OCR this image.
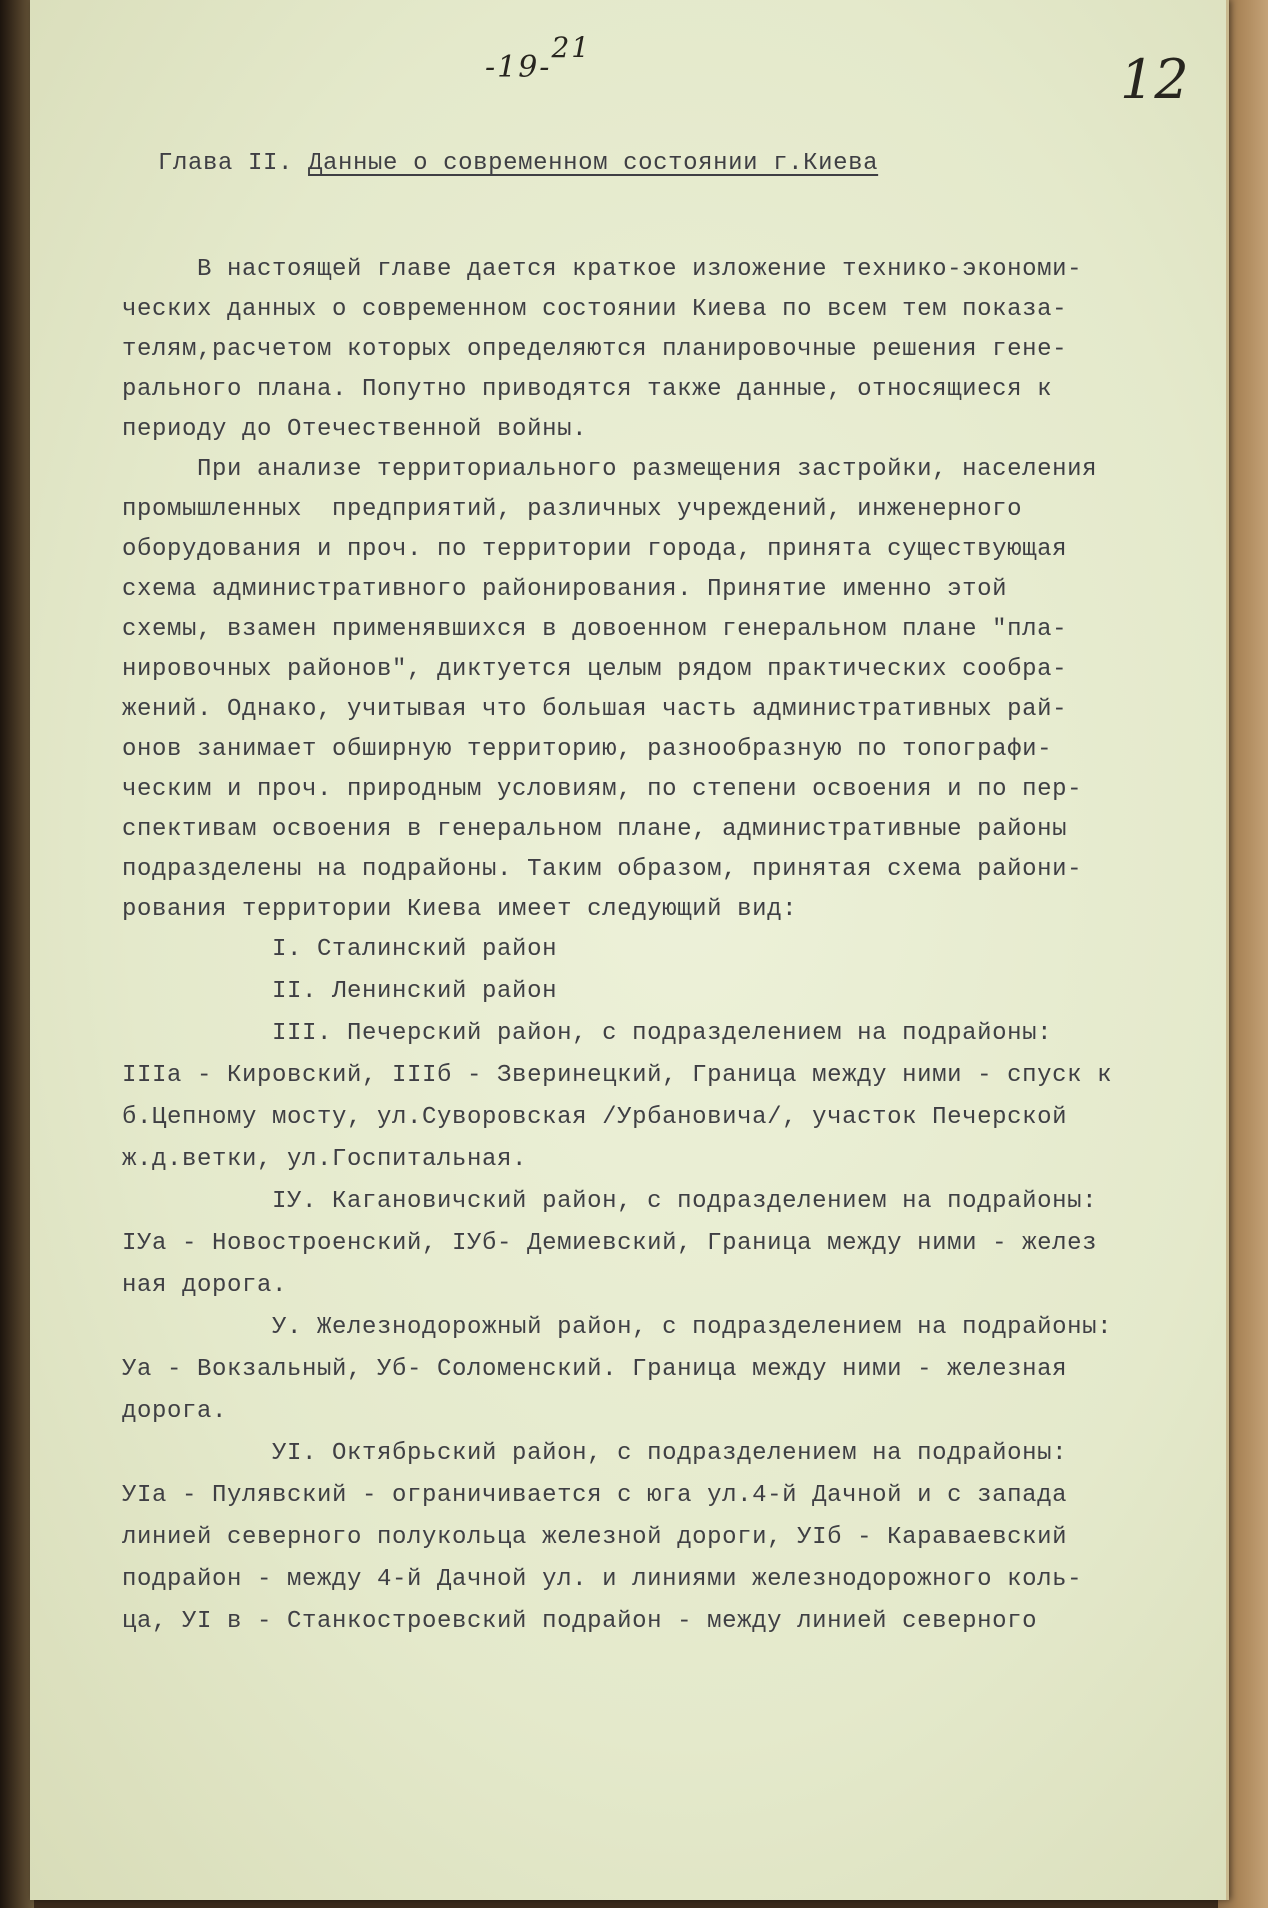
-19-21
12

Глава II. Данные о современном состоянии г.Киева

В настоящей главе дается краткое изложение технико-экономи-

ческих данных о современном состоянии Киева по всем тем показа-

телям,расчетом которых определяются планировочные решения гене-

рального плана. Попутно приводятся также данные, относящиеся к

периоду до Отечественной войны.

При анализе территориального размещения застройки, населения

промышленных  предприятий, различных учреждений, инженерного

оборудования и проч. по территории города, принята существующая

схема административного районирования. Принятие именно этой

схемы, взамен применявшихся в довоенном генеральном плане "пла-

нировочных районов", диктуется целым рядом практических сообра-

жений. Однако, учитывая что большая часть административных рай-

онов занимает обширную территорию, разнообразную по топографи-

ческим и проч. природным условиям, по степени освоения и по пер-

спективам освоения в генеральном плане, административные районы

подразделены на подрайоны. Таким образом, принятая схема райони-

рования территории Киева имеет следующий вид:

I. Сталинский район

II. Ленинский район

III. Печерский район, с подразделением на подрайоны:

IIIа - Кировский, IIIб - Зверинецкий, Граница между ними - спуск к

б.Цепному мосту, ул.Суворовская /Урбановича/, участок Печерской

ж.д.ветки, ул.Госпитальная.

IУ. Кагановичский район, с подразделением на подрайоны:

IУа - Новостроенский, IУб- Демиевский, Граница между ними - желез

ная дорога.

У. Железнодорожный район, с подразделением на подрайоны:

Уа - Вокзальный, Уб- Соломенский. Граница между ними - железная

дорога.

УI. Октябрьский район, с подразделением на подрайоны:

УIа - Пулявский - ограничивается с юга ул.4-й Дачной и с запада

линией северного полукольца железной дороги, УIб - Караваевский

подрайон - между 4-й Дачной ул. и линиями железнодорожного коль-

ца, УI в - Станкостроевский подрайон - между линией северного
